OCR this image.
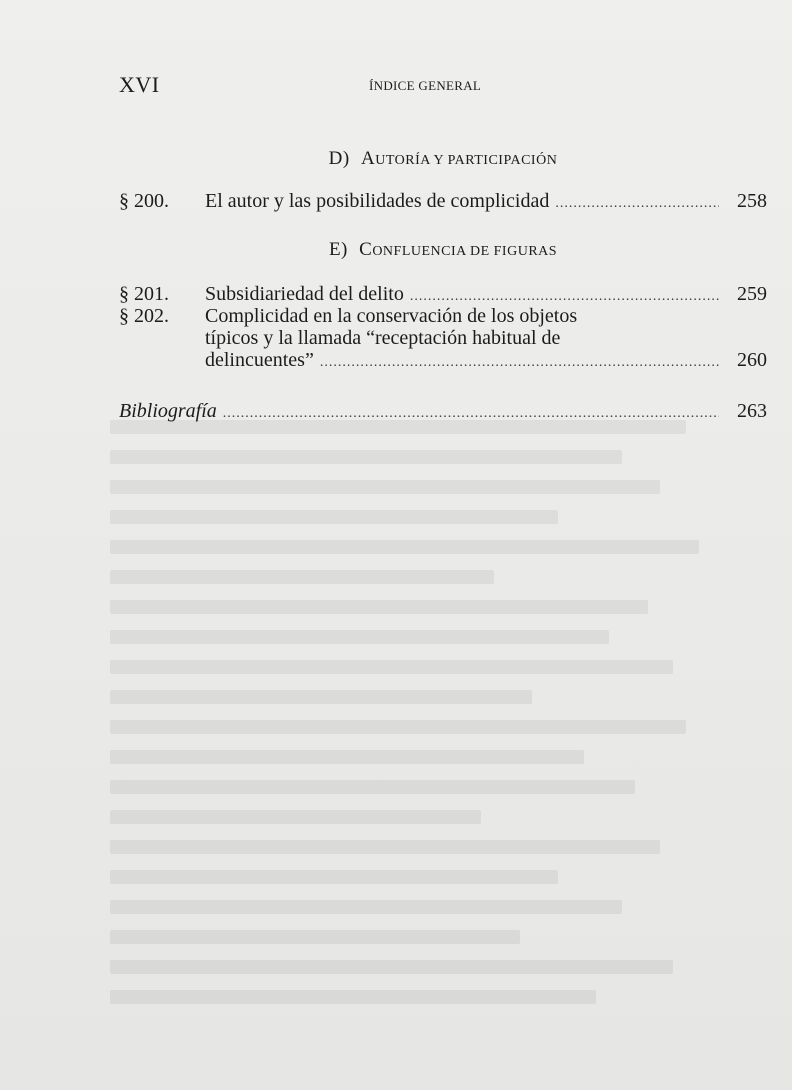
XVI	ÍNDICE GENERAL
D) AUTORÍA Y PARTICIPACIÓN
§ 200. El autor y las posibilidades de complicidad .....	258
E) CONFLUENCIA DE FIGURAS
§ 201. Subsidiariedad del delito .....	259
§ 202. Complicidad en la conservación de los objetos
típicos y la llamada “receptación habitual de
delincuentes” .....	260
Bibliografía .....	263
